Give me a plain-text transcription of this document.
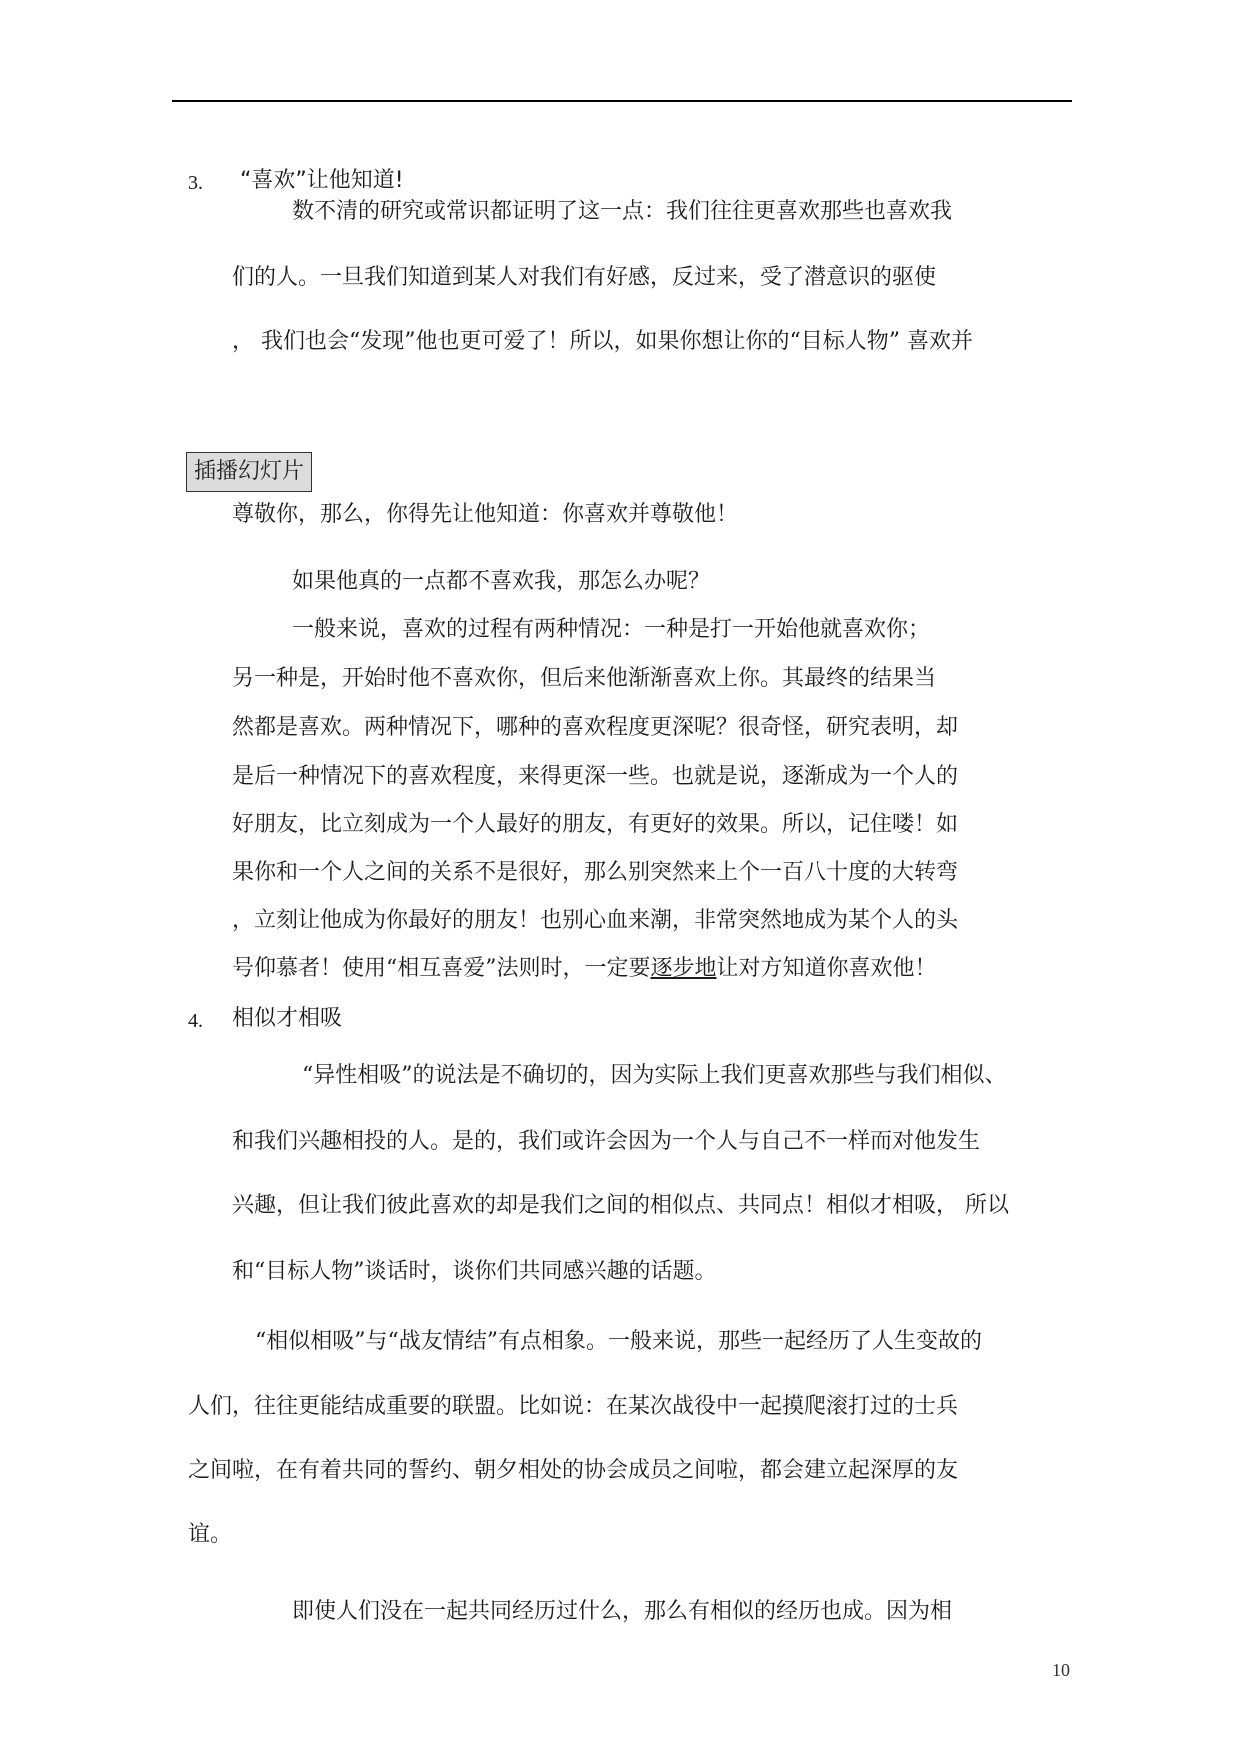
3. “喜欢”让他知道!
数不清的研究或常识都证明了这一点：我们往往更喜欢那些也喜欢我
们的人。一旦我们知道到某人对我们有好感，反过来，受了潜意识的驱使
， 我们也会“发现”他也更可爱了！所以，如果你想让你的“目标人物” 喜欢并
插播幻灯片
尊敬你，那么，你得先让他知道：你喜欢并尊敬他！
如果他真的一点都不喜欢我，那怎么办呢？
一般来说，喜欢的过程有两种情况：一种是打一开始他就喜欢你；
另一种是，开始时他不喜欢你，但后来他渐渐喜欢上你。其最终的结果当
然都是喜欢。两种情况下，哪种的喜欢程度更深呢？很奇怪，研究表明，却
是后一种情况下的喜欢程度，来得更深一些。也就是说，逐渐成为一个人的
好朋友，比立刻成为一个人最好的朋友，有更好的效果。所以，记住喽！如
果你和一个人之间的关系不是很好，那么别突然来上个一百八十度的大转弯
，立刻让他成为你最好的朋友！也别心血来潮，非常突然地成为某个人的头
号仰慕者！使用“相互喜爱”法则时，一定要逐步地让对方知道你喜欢他！
4. 相似才相吸
“异性相吸”的说法是不确切的，因为实际上我们更喜欢那些与我们相似、
和我们兴趣相投的人。是的，我们或许会因为一个人与自己不一样而对他发生
兴趣，但让我们彼此喜欢的却是我们之间的相似点、共同点！相似才相吸， 所以
和“目标人物”谈话时，谈你们共同感兴趣的话题。
“相似相吸”与“战友情结”有点相象。一般来说，那些一起经历了人生变故的
人们，往往更能结成重要的联盟。比如说：在某次战役中一起摸爬滚打过的士兵
之间啦，在有着共同的誓约、朝夕相处的协会成员之间啦，都会建立起深厚的友
谊。
即使人们没在一起共同经历过什么，那么有相似的经历也成。因为相
10
